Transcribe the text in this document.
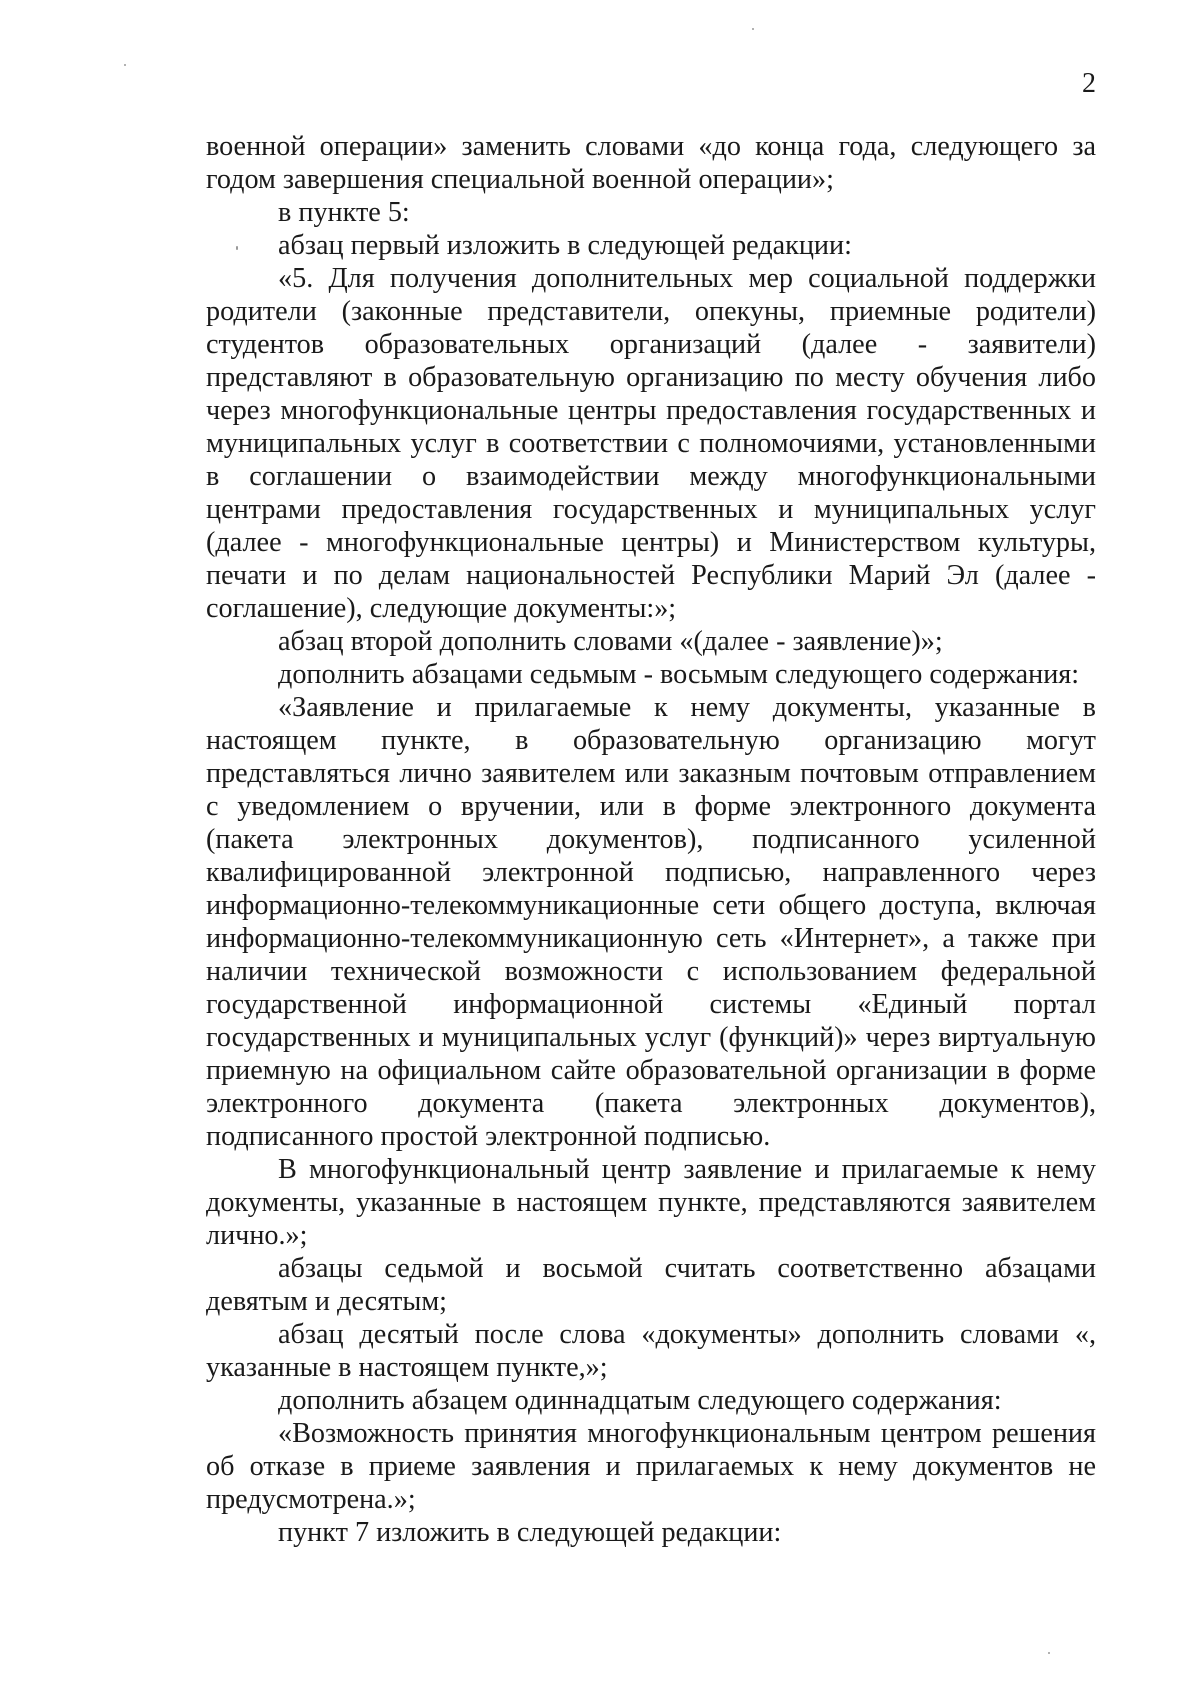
2

военной операции» заменить словами «до конца года, следующего за годом завершения специальной военной операции»;

в пункте 5:

абзац первый изложить в следующей редакции:

«5. Для получения дополнительных мер социальной поддержки родители (законные представители, опекуны, приемные родители) студентов образовательных организаций (далее - заявители) представляют в образовательную организацию по месту обучения либо через многофункциональные центры предоставления государственных и муниципальных услуг в соответствии с полномочиями, установленными в соглашении о взаимодействии между многофункциональными центрами предоставления государственных и муниципальных услуг (далее - многофункциональные центры) и Министерством культуры, печати и по делам национальностей Республики Марий Эл (далее - соглашение), следующие документы:»;

абзац второй дополнить словами «(далее - заявление)»;

дополнить абзацами седьмым - восьмым следующего содержания:

«Заявление и прилагаемые к нему документы, указанные в настоящем пункте, в образовательную организацию могут представляться лично заявителем или заказным почтовым отправлением с уведомлением о вручении, или в форме электронного документа (пакета электронных документов), подписанного усиленной квалифицированной электронной подписью, направленного через информационно-телекоммуникационные сети общего доступа, включая информационно-телекоммуникационную сеть «Интернет», а также при наличии технической возможности с использованием федеральной государственной информационной системы «Единый портал государственных и муниципальных услуг (функций)» через виртуальную приемную на официальном сайте образовательной организации в форме электронного документа (пакета электронных документов), подписанного простой электронной подписью.

В многофункциональный центр заявление и прилагаемые к нему документы, указанные в настоящем пункте, представляются заявителем лично.»;

абзацы седьмой и восьмой считать соответственно абзацами девятым и десятым;

абзац десятый после слова «документы» дополнить словами «, указанные в настоящем пункте,»;

дополнить абзацем одиннадцатым следующего содержания:

«Возможность принятия многофункциональным центром решения об отказе в приеме заявления и прилагаемых к нему документов не предусмотрена.»;

пункт 7 изложить в следующей редакции:
